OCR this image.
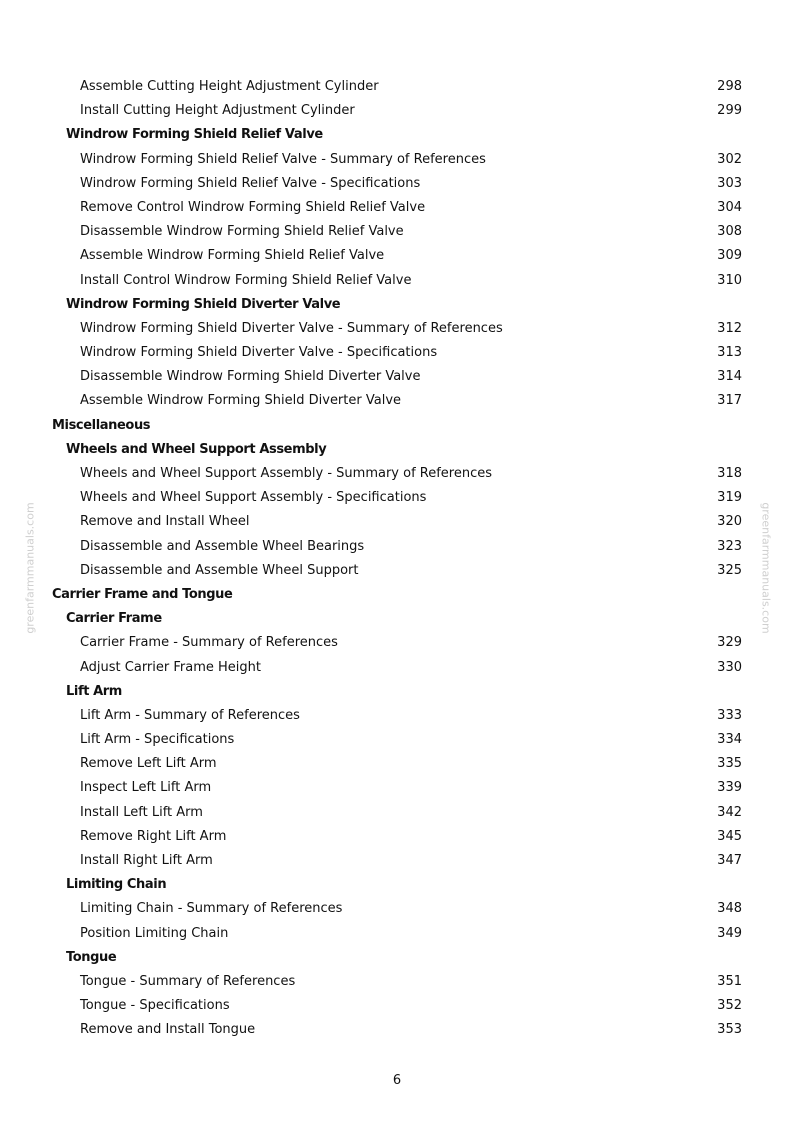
greenfarmmanuals.com	greenfarmmanuals.com
Assemble Cutting Height Adjustment Cylinder	298
Install Cutting Height Adjustment Cylinder	299
Windrow Forming Shield Relief Valve
Windrow Forming Shield Relief Valve - Summary of References	302
Windrow Forming Shield Relief Valve - Specifications	303
Remove Control Windrow Forming Shield Relief Valve	304
Disassemble Windrow Forming Shield Relief Valve	308
Assemble Windrow Forming Shield Relief Valve	309
Install Control Windrow Forming Shield Relief Valve	310
Windrow Forming Shield Diverter Valve
Windrow Forming Shield Diverter Valve - Summary of References	312
Windrow Forming Shield Diverter Valve - Specifications	313
Disassemble Windrow Forming Shield Diverter Valve	314
Assemble Windrow Forming Shield Diverter Valve	317
Miscellaneous
Wheels and Wheel Support Assembly
Wheels and Wheel Support Assembly - Summary of References	318
Wheels and Wheel Support Assembly - Specifications	319
Remove and Install Wheel	320
Disassemble and Assemble Wheel Bearings	323
Disassemble and Assemble Wheel Support	325
Carrier Frame and Tongue
Carrier Frame
Carrier Frame - Summary of References	329
Adjust Carrier Frame Height	330
Lift Arm
Lift Arm - Summary of References	333
Lift Arm - Specifications	334
Remove Left Lift Arm	335
Inspect Left Lift Arm	339
Install Left Lift Arm	342
Remove Right Lift Arm	345
Install Right Lift Arm	347
Limiting Chain
Limiting Chain - Summary of References	348
Position Limiting Chain	349
Tongue
Tongue - Summary of References	351
Tongue - Specifications	352
Remove and Install Tongue	353
6
